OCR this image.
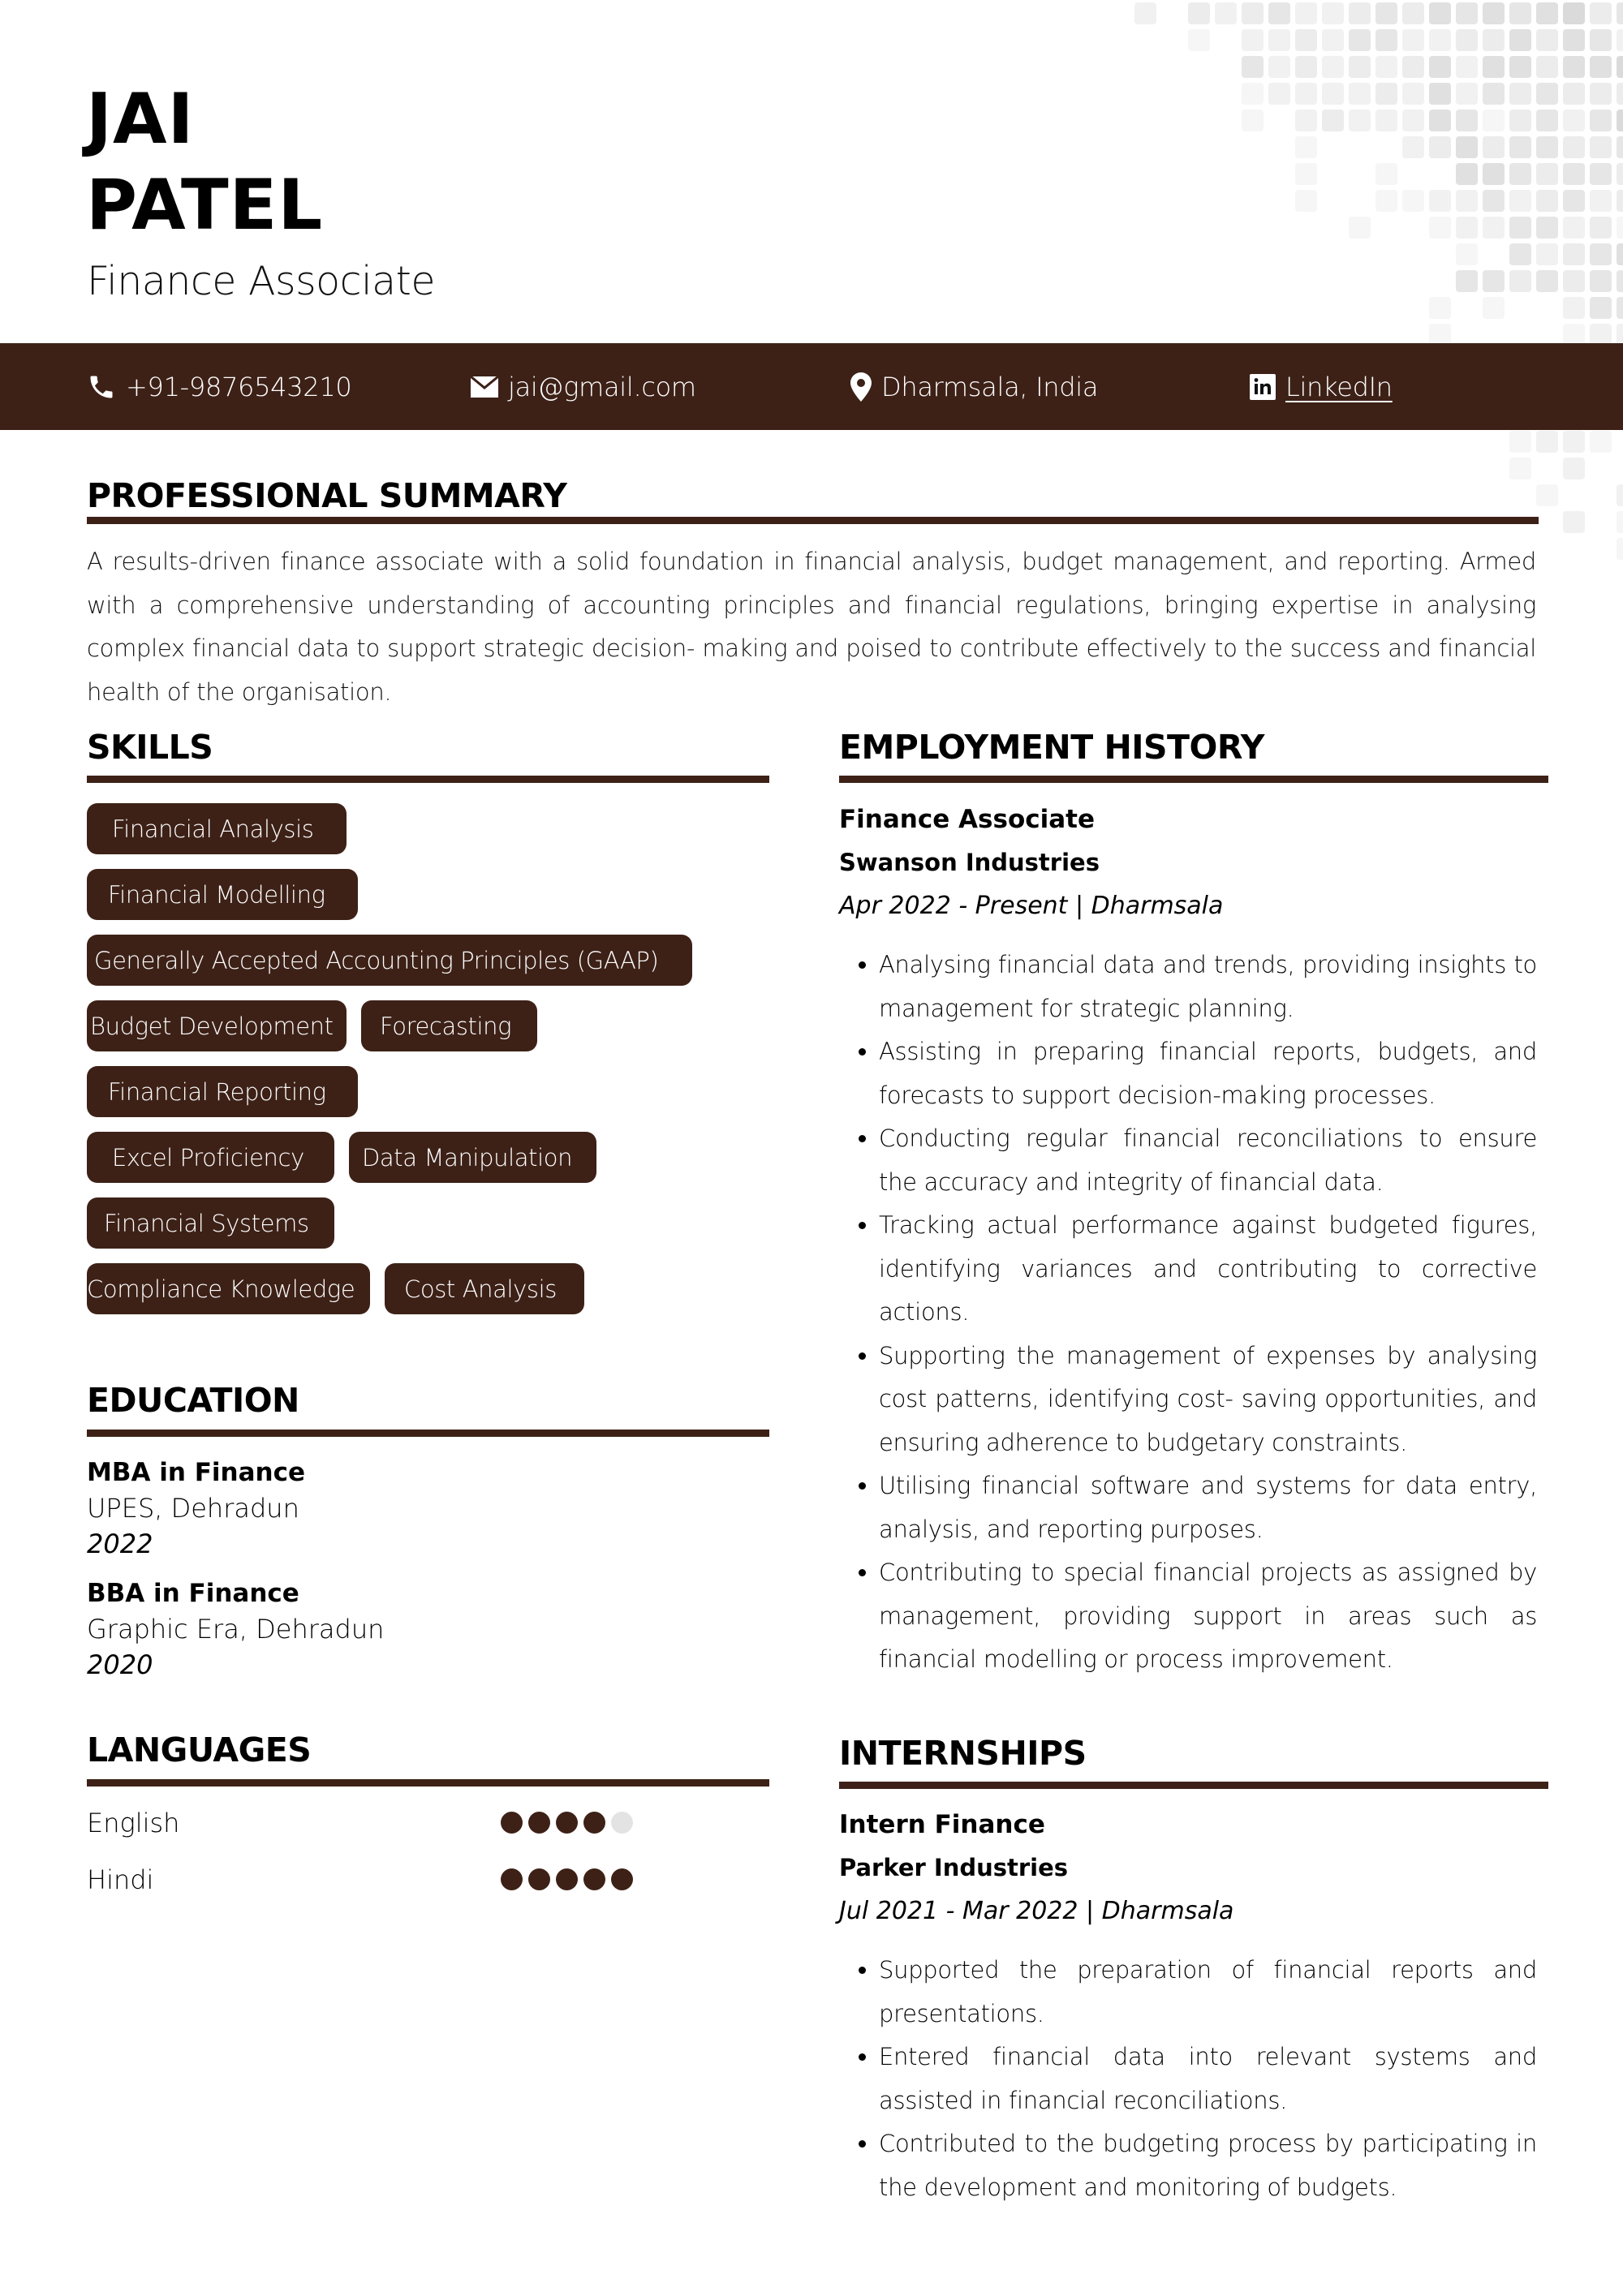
JAI
PATEL
Finance Associate
+91-9876543210	jai@gmail.com	Dharmsala, India	LinkedIn
PROFESSIONAL SUMMARY
A results-driven finance associate with a solid foundation in financial analysis, budget management, and reporting. Armed with a comprehensive understanding of accounting principles and financial regulations, bringing expertise in analysing complex financial data to support strategic decision- making and poised to contribute effectively to the success and financial health of the organisation.
SKILLS
Financial Analysis
Financial Modelling
Generally Accepted Accounting Principles (GAAP)
Budget Development	Forecasting
Financial Reporting
Excel Proficiency	Data Manipulation
Financial Systems
Compliance Knowledge	Cost Analysis
EDUCATION
MBA in Finance
UPES, Dehradun
2022
BBA in Finance
Graphic Era, Dehradun
2020
LANGUAGES
English
Hindi
EMPLOYMENT HISTORY
Finance Associate
Swanson Industries
Apr 2022 - Present | Dharmsala
• Analysing financial data and trends, providing insights to management for strategic planning.
• Assisting in preparing financial reports, budgets, and forecasts to support decision-making processes.
• Conducting regular financial reconciliations to ensure the accuracy and integrity of financial data.
• Tracking actual performance against budgeted figures, identifying variances and contributing to corrective actions.
• Supporting the management of expenses by analysing cost patterns, identifying cost- saving opportunities, and ensuring adherence to budgetary constraints.
• Utilising financial software and systems for data entry, analysis, and reporting purposes.
• Contributing to special financial projects as assigned by management, providing support in areas such as financial modelling or process improvement.
INTERNSHIPS
Intern Finance
Parker Industries
Jul 2021 - Mar 2022 | Dharmsala
• Supported the preparation of financial reports and presentations.
• Entered financial data into relevant systems and assisted in financial reconciliations.
• Contributed to the budgeting process by participating in the development and monitoring of budgets.
